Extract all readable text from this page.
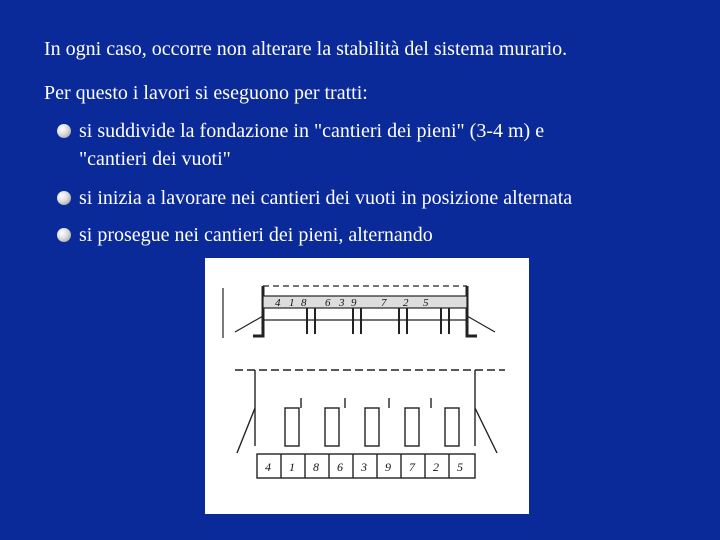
In ogni caso, occorre non alterare la stabilità del sistema murario.
Per questo i lavori si eseguono per tratti:
si suddivide la fondazione in "cantieri dei pieni" (3-4 m) e
"cantieri dei vuoti"
si inizia a lavorare nei cantieri dei vuoti in posizione alternata
si prosegue nei cantieri dei pieni, alternando
4 1 8 6 3 9 7 2 5
4 1 8 6 3 9 7 2 5
